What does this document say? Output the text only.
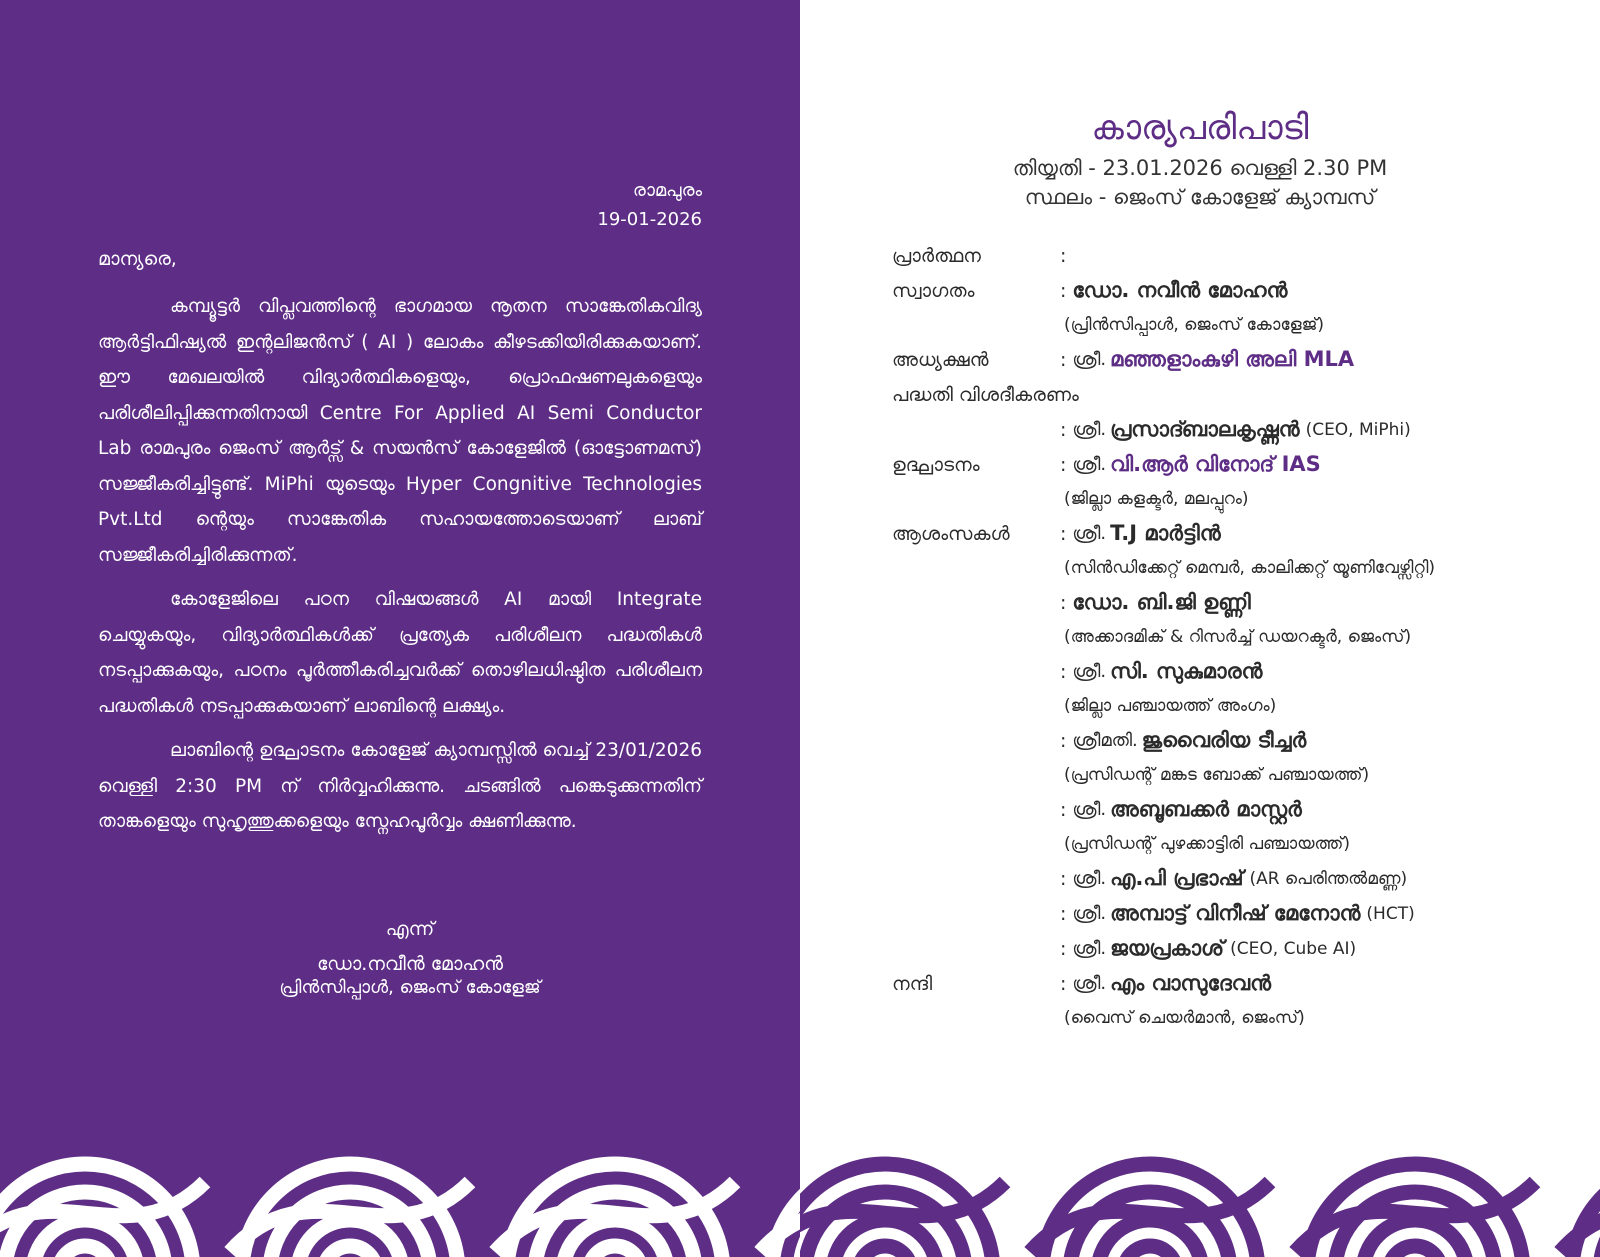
രാമപുരം
19-01-2026
മാന്യരെ,

കമ്പ്യൂട്ടർ വിപ്ലവത്തിന്റെ ഭാഗമായ നൂതന സാങ്കേതികവിദ്യ ആർട്ടിഫിഷ്യൽ ഇന്റലിജൻസ് ( AI ) ലോകം കീഴടക്കിയിരിക്കുകയാണ്. ഈ മേഖലയിൽ വിദ്യാർത്ഥികളെയും, പ്രൊഫഷണലുകളെയും പരിശീലിപ്പിക്കുന്നതിനായി Centre For Applied AI Semi Conductor Lab രാമപുരം ജെംസ് ആർട്സ് & സയൻസ് കോളേജിൽ (ഓട്ടോണമസ്) സജ്ജീകരിച്ചിട്ടുണ്ട്. MiPhi യുടെയും Hyper Congnitive Technologies Pvt.Ltd ന്റെയും സാങ്കേതിക സഹായത്തോടെയാണ് ലാബ് സജ്ജീകരിച്ചിരിക്കുന്നത്.

കോളേജിലെ പഠന വിഷയങ്ങൾ AI മായി Integrate ചെയ്യുകയും, വിദ്യാർത്ഥികൾക്ക് പ്രത്യേക പരിശീലന പദ്ധതികൾ നടപ്പാക്കുകയും, പഠനം പൂർത്തീകരിച്ചവർക്ക് തൊഴിലധിഷ്ഠിത പരിശീലന പദ്ധതികൾ നടപ്പാക്കുകയാണ് ലാബിന്റെ ലക്ഷ്യം.

ലാബിന്റെ ഉദ്ഘാടനം കോളേജ് ക്യാമ്പസ്സിൽ വെച്ച് 23/01/2026 വെള്ളി 2:30 PM ന് നിർവ്വഹിക്കുന്നു. ചടങ്ങിൽ പങ്കെടുക്കുന്നതിന് താങ്കളെയും സുഹൃത്തുക്കളെയും സ്നേഹപൂർവ്വം ക്ഷണിക്കുന്നു.

എന്ന്
ഡോ.നവീൻ മോഹൻ
പ്രിൻസിപ്പാൾ, ജെംസ് കോളേജ്
കാര്യപരിപാടി
തിയ്യതി - 23.01.2026 വെള്ളി 2.30 PM
സ്ഥലം - ജെംസ് കോളേജ് ക്യാമ്പസ്
പ്രാർത്ഥന	:
സ്വാഗതം	: ഡോ. നവീൻ മോഹൻ
(പ്രിൻസിപ്പാൾ, ജെംസ് കോളേജ്)
അധ്യക്ഷൻ	: ശ്രീ. മഞ്ഞളാംകുഴി അലി MLA
പദ്ധതി വിശദീകരണം
: ശ്രീ. പ്രസാദ്ബാലകൃഷ്ണൻ (CEO, MiPhi)
ഉദ്ഘാടനം	: ശ്രീ. വി.ആർ വിനോദ് IAS
(ജില്ലാ കളക്ടർ, മലപ്പുറം)
ആശംസകൾ	: ശ്രീ. T.J മാർട്ടിൻ
(സിൻഡിക്കേറ്റ് മെമ്പർ, കാലിക്കറ്റ് യൂണിവേഴ്സിറ്റി)
: ഡോ. ബി.ജി ഉണ്ണി
(അക്കാദമിക് & റിസർച്ച് ഡയറക്ടർ, ജെംസ്)
: ശ്രീ. സി. സുകുമാരൻ
(ജില്ലാ പഞ്ചായത്ത് അംഗം)
: ശ്രീമതി. ജുവൈരിയ ടീച്ചർ
(പ്രസിഡന്റ് മങ്കട ബോക്ക് പഞ്ചായത്ത്)
: ശ്രീ. അബൂബക്കർ മാസ്റ്റർ
(പ്രസിഡന്റ് പുഴക്കാട്ടിരി പഞ്ചായത്ത്)
: ശ്രീ. എ.പി പ്രഭാഷ് (AR പെരിന്തൽമണ്ണ)
: ശ്രീ. അമ്പാട്ട് വിനീഷ് മേനോൻ (HCT)
: ശ്രീ. ജയപ്രകാശ് (CEO, Cube AI)
നന്ദി	: ശ്രീ. എം വാസുദേവൻ
(വൈസ് ചെയർമാൻ, ജെംസ്)
